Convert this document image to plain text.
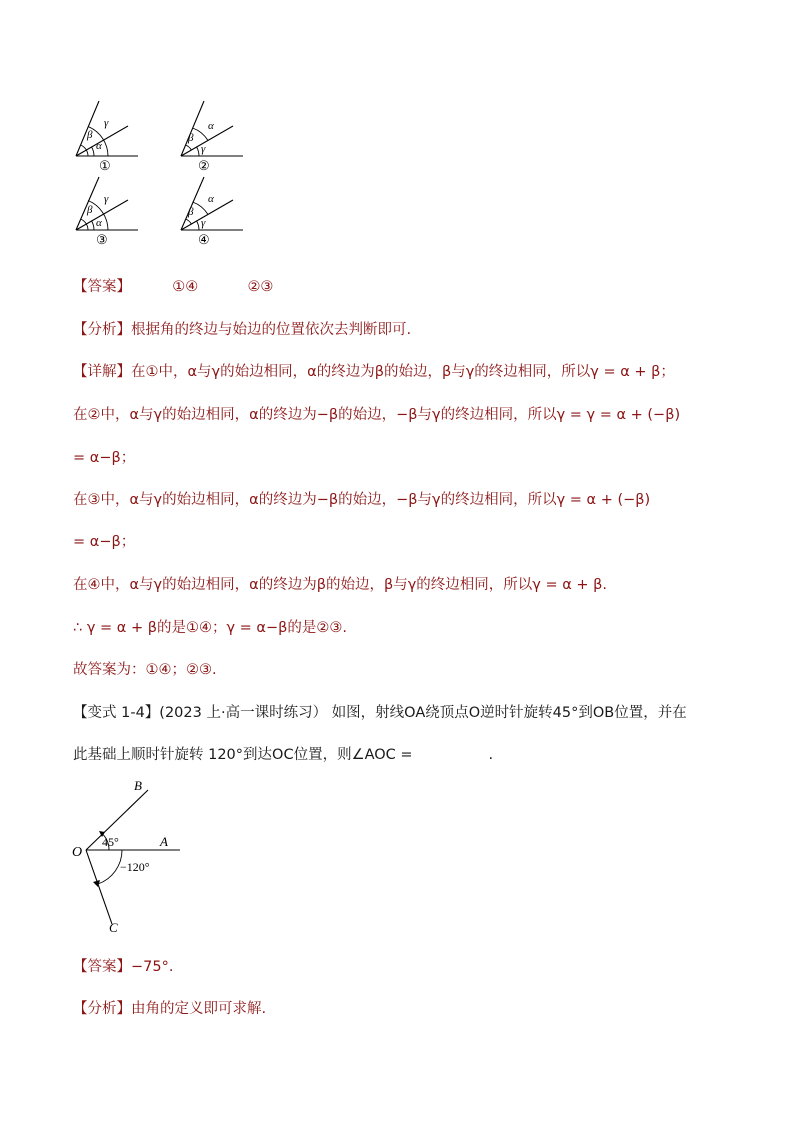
α
β
γ
①
γ
β
α
②
α
β
γ
③
γ
β
α
④
【答案】	①④	②③
【分析】根据角的终边与始边的位置依次去判断即可.
【详解】在①中，α与γ的始边相同，α的终边为β的始边，β与γ的终边相同，所以γ = α + β；
在②中，α与γ的始边相同，α的终边为−β的始边，−β与γ的终边相同，所以γ = γ = α + (−β)
= α−β；
在③中，α与γ的始边相同，α的终边为−β的始边，−β与γ的终边相同，所以γ = α + (−β)
= α−β；
在④中，α与γ的始边相同，α的终边为β的始边，β与γ的终边相同，所以γ = α + β.
∴ γ = α + β的是①④；γ = α−β的是②③.
故答案为：①④；②③.
【变式 1-4】(2023 上·高一课时练习） 如图，射线OA绕顶点O逆时针旋转45°到OB位置，并在
此基础上顺时针旋转 120°到达OC位置，则∠AOC =	.
O
A
B
C
45°
−120°
【答案】−75°.
【分析】由角的定义即可求解.
